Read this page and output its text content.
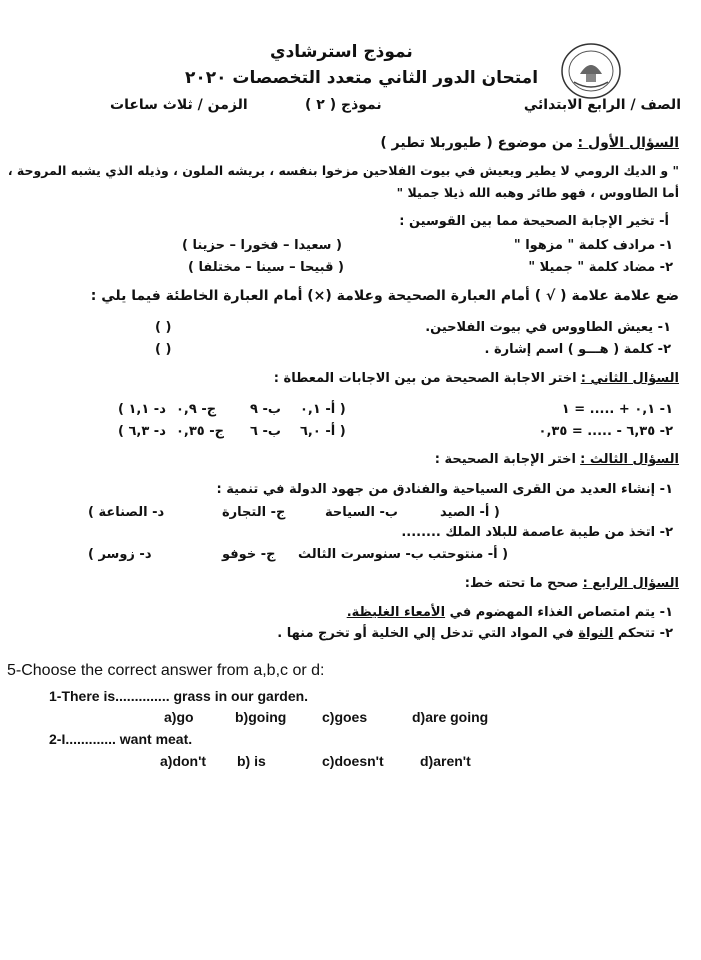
نموذج استرشادي
امتحان الدور الثاني متعدد التخصصات ٢٠٢٠
الصف / الرابع الابتدائي
نموذج ( ٢ )
الزمن / ثلاث ساعات
السؤال الأول : من موضوع ( طيوربلا تطير )
" و الديك الرومي لا يطير ويعيش في بيوت الفلاحين مزخوا بنفسه ، بريشه الملون ، وذيله الذي يشبه المروحة ،
أما الطاووس ، فهو طائر وهبه الله ذيلا جميلا "
أ- تخير الإجابة الصحيحة مما بين القوسين :
١- مرادف كلمة " مزهوا "
( سعيدا – فخورا – حزينا )
٢- مضاد كلمة " جميلا "
( قبيحا – سينا – مختلفا )
ضع علامة علامة ( √ ) أمام العبارة الصحيحة وعلامة (×) أمام العبارة الخاطئة فيما يلي :
١- يعيش الطاووس في بيوت الفلاحين.
( )
٢- كلمة ( هـــو ) اسم إشارة .
( )
السؤال الثاني : اختر الاجابة الصحيحة من بين الاجابات المعطاة :
١- ٠,١ + ..... = ١
( أ- ٠,١
ب- ٩
ج- ٠,٩
د- ١,١ )
٢- ٦,٣٥ - ..... = ٠,٣٥
( أ- ٦,٠
ب- ٦
ج- ٠,٣٥
د- ٦,٣ )
السؤال الثالث : اختر الإجابة الصحيحة :
١- إنشاء العديد من القرى السياحية والفنادق من جهود الدولة في تنمية :
( أ- الصيد
ب- السياحة
ج- التجارة
د- الصناعة )
٢- اتخذ من طيبة عاصمة للبلاد الملك ........
( أ- منتوحتب
ب- سنوسرت الثالث
ج- خوفو
د- زوسر )
السؤال الرابع : صحح ما تحته خط:
١- يتم امتصاص الغذاء المهضوم في الأمعاء الغليظة.
٢- تتحكم النواة في المواد التي تدخل إلي الخلية أو تخرج منها .
5-Choose the correct answer from a,b,c or d:
1-There is.............. grass in our garden.
a)go	b)going	c)goes	d)are going
2-I............. want meat.
a)don't b) is	c)doesn't	d)aren't
